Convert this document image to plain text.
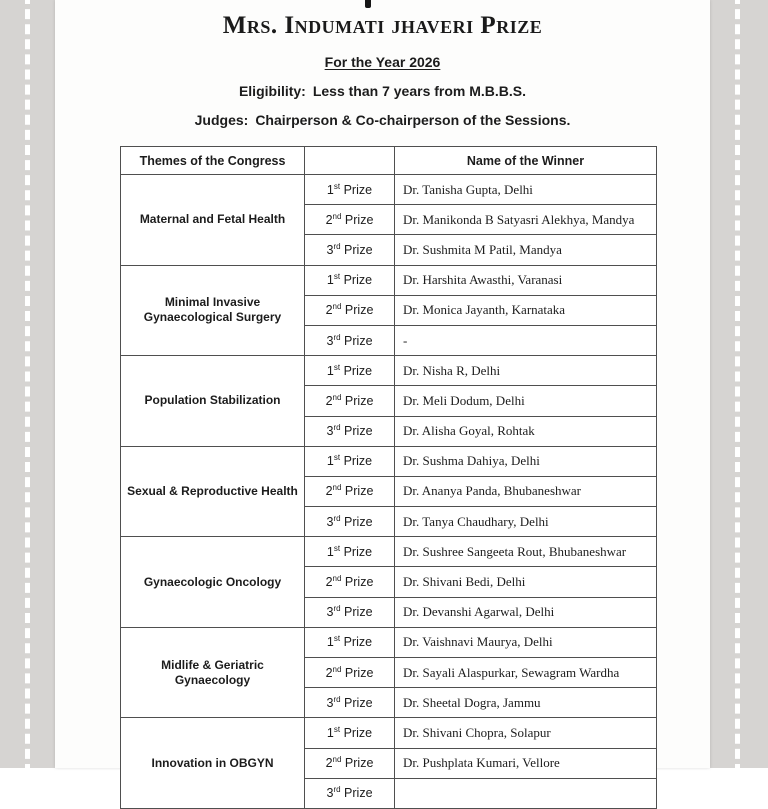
Mrs. Indumati jhaveri Prize
For the Year 2026
Eligibility: Less than 7 years from M.B.B.S.
Judges: Chairperson & Co-chairperson of the Sessions.
Themes of the Congress		Name of the Winner
Maternal and Fetal Health	1st Prize	Dr. Tanisha Gupta, Delhi
	2nd Prize	Dr. Manikonda B Satyasri Alekhya, Mandya
	3rd Prize	Dr. Sushmita M Patil, Mandya
Minimal Invasive Gynaecological Surgery	1st Prize	Dr. Harshita Awasthi, Varanasi
	2nd Prize	Dr. Monica Jayanth, Karnataka
	3rd Prize	-
Population Stabilization	1st Prize	Dr. Nisha R, Delhi
	2nd Prize	Dr. Meli Dodum, Delhi
	3rd Prize	Dr. Alisha Goyal, Rohtak
Sexual & Reproductive Health	1st Prize	Dr. Sushma Dahiya, Delhi
	2nd Prize	Dr. Ananya Panda, Bhubaneshwar
	3rd Prize	Dr. Tanya Chaudhary, Delhi
Gynaecologic Oncology	1st Prize	Dr. Sushree Sangeeta Rout, Bhubaneshwar
	2nd Prize	Dr. Shivani Bedi, Delhi
	3rd Prize	Dr. Devanshi Agarwal, Delhi
Midlife & Geriatric Gynaecology	1st Prize	Dr. Vaishnavi Maurya, Delhi
	2nd Prize	Dr. Sayali Alaspurkar, Sewagram Wardha
	3rd Prize	Dr. Sheetal Dogra, Jammu
Innovation in OBGYN	1st Prize	Dr. Shivani Chopra, Solapur
	2nd Prize	Dr. Pushplata Kumari, Vellore
	3rd Prize	
